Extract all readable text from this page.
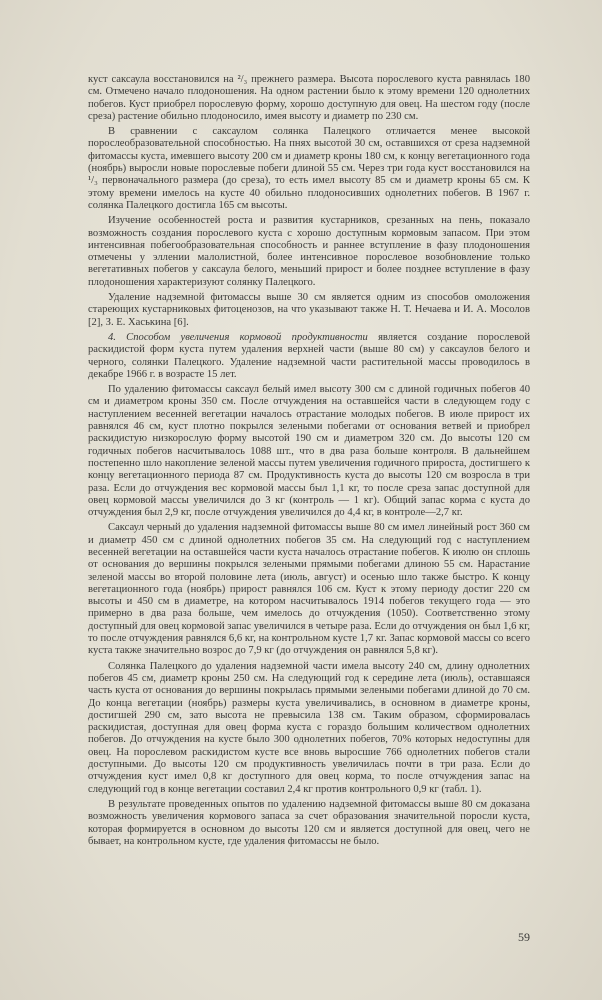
куст саксаула восстановился на ²/₃ прежнего размера. Высота порослевого куста равнялась 180 см. Отмечено начало плодоношения. На одном растении было к этому времени 120 однолетних побегов. Куст приобрел порослевую форму, хорошо доступную для овец. На шестом году (после среза) растение обильно плодоносило, имея высоту и диаметр по 230 см.

В сравнении с саксаулом солянка Палецкого отличается менее высокой порослеобразовательной способностью. На пнях высотой 30 см, оставшихся от среза надземной фитомассы куста, имевшего высоту 200 см и диаметр кроны 180 см, к концу вегетационного года (ноябрь) выросли новые порослевые побеги длиной 55 см. Через три года куст восстановился на ¹/₃ первоначального размера (до среза), то есть имел высоту 85 см и диаметр кроны 65 см. К этому времени имелось на кусте 40 обильно плодоносивших однолетних побегов. В 1967 г. солянка Палецкого достигла 165 см высоты.

Изучение особенностей роста и развития кустарников, срезанных на пень, показало возможность создания порослевого куста с хорошо доступным кормовым запасом. При этом интенсивная побегообразовательная способность и раннее вступление в фазу плодоношения отмечены у эллении малолистной, более интенсивное порослевое возобновление только вегетативных побегов у саксаула белого, меньший прирост и более позднее вступление в фазу плодоношения характеризуют солянку Палецкого.

Удаление надземной фитомассы выше 30 см является одним из способов омоложения стареющих кустарниковых фитоценозов, на что указывают также Н. Т. Нечаева и И. А. Мосолов [2], З. Е. Хаськина [6].

4. Способом увеличения кормовой продуктивности является создание порослевой раскидистой форм куста путем удаления верхней части (выше 80 см) у саксаулов белого и черного, солянки Палецкого. Удаление надземной части растительной массы проводилось в декабре 1966 г. в возрасте 15 лет.

По удалению фитомассы саксаул белый имел высоту 300 см с длиной годичных побегов 40 см и диаметром кроны 350 см. После отчуждения на оставшейся части в следующем году с наступлением весенней вегетации началось отрастание молодых побегов. В июле прирост их равнялся 46 см, куст плотно покрылся зелеными побегами от основания ветвей и приобрел раскидистую низкорослую форму высотой 190 см и диаметром 320 см. До высоты 120 см годичных побегов насчитывалось 1088 шт., что в два раза больше контроля. В дальнейшем постепенно шло накопление зеленой массы путем увеличения годичного прироста, достигшего к концу вегетационного периода 87 см. Продуктивность куста до высоты 120 см возросла в три раза. Если до отчуждения вес кормовой массы был 1,1 кг, то после среза запас доступной для овец кормовой массы увеличился до 3 кг (контроль — 1 кг). Общий запас корма с куста до отчуждения был 2,9 кг, после отчуждения увеличился до 4,4 кг, в контроле—2,7 кг.

Саксаул черный до удаления надземной фитомассы выше 80 см имел линейный рост 360 см и диаметр 450 см с длиной однолетних побегов 35 см. На следующий год с наступлением весенней вегетации на оставшейся части куста началось отрастание побегов. К июлю он сплошь от основания до вершины покрылся зелеными прямыми побегами длиною 55 см. Нарастание зеленой массы во второй половине лета (июль, август) и осенью шло также быстро. К концу вегетационного года (ноябрь) прирост равнялся 106 см. Куст к этому периоду достиг 220 см высоты и 450 см в диаметре, на котором насчитывалось 1914 побегов текущего года — это примерно в два раза больше, чем имелось до отчуждения (1050). Соответственно этому доступный для овец кормовой запас увеличился в четыре раза. Если до отчуждения он был 1,6 кг, то после отчуждения равнялся 6,6 кг, на контрольном кусте 1,7 кг. Запас кормовой массы со всего куста также значительно возрос до 7,9 кг (до отчуждения он равнялся 5,8 кг).

Солянка Палецкого до удаления надземной части имела высоту 240 см, длину однолетних побегов 45 см, диаметр кроны 250 см. На следующий год к середине лета (июль), оставшаяся часть куста от основания до вершины покрылась прямыми зелеными побегами длиной до 70 см. До конца вегетации (ноябрь) размеры куста увеличивались, в основном в диаметре кроны, достигшей 290 см, зато высота не превысила 138 см. Таким образом, сформировалась раскидистая, доступная для овец форма куста с гораздо большим количеством однолетних побегов. До отчуждения на кусте было 300 однолетних побегов, 70% которых недоступны для овец. На порослевом раскидистом кусте все вновь выросшие 766 однолетних побегов стали доступными. До высоты 120 см продуктивность увеличилась почти в три раза. Если до отчуждения куст имел 0,8 кг доступного для овец корма, то после отчуждения запас на следующий год в конце вегетации составил 2,4 кг против контрольного 0,9 кг (табл. 1).

В результате проведенных опытов по удалению надземной фитомассы выше 80 см доказана возможность увеличения кормового запаса за счет образования значительной поросли куста, которая формируется в основном до высоты 120 см и является доступной для овец, чего не бывает, на контрольном кусте, где удаления фитомассы не было.

59
